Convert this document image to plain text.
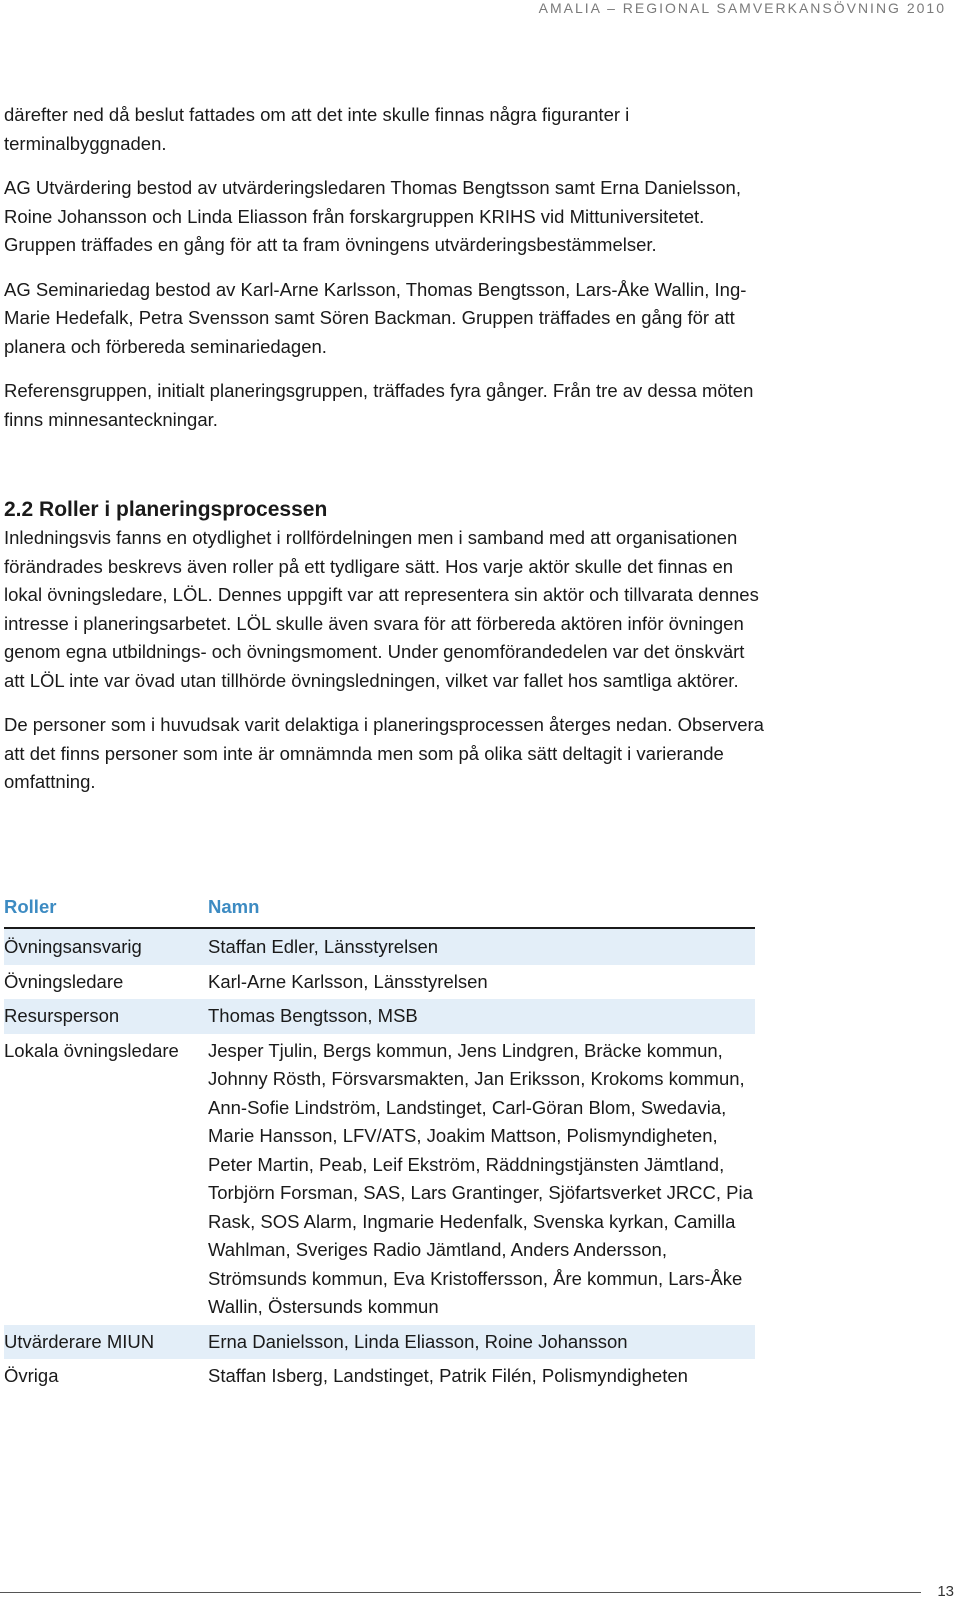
AMALIA – REGIONAL SAMVERKANSÖVNING 2010

därefter ned då beslut fattades om att det inte skulle finnas några figuranter i terminalbyggnaden.

AG Utvärdering bestod av utvärderingsledaren Thomas Bengtsson samt Erna Danielsson, Roine Johansson och Linda Eliasson från forskargruppen KRIHS vid Mittuniversitetet. Gruppen träffades en gång för att ta fram övningens utvärderingsbestämmelser.

AG Seminariedag bestod av Karl-Arne Karlsson, Thomas Bengtsson, Lars-Åke Wallin, Ing-Marie Hedefalk, Petra Svensson samt Sören Backman. Gruppen träffades en gång för att planera och förbereda seminariedagen.

Referensgruppen, initialt planeringsgruppen, träffades fyra gånger. Från tre av dessa möten finns minnesanteckningar.

2.2 Roller i planeringsprocessen

Inledningsvis fanns en otydlighet i rollfördelningen men i samband med att organisationen förändrades beskrevs även roller på ett tydligare sätt. Hos varje aktör skulle det finnas en lokal övningsledare, LÖL. Dennes uppgift var att representera sin aktör och tillvarata dennes intresse i planeringsarbetet. LÖL skulle även svara för att förbereda aktören inför övningen genom egna utbildnings- och övningsmoment. Under genomförandedelen var det önskvärt att LÖL inte var övad utan tillhörde övningsledningen, vilket var fallet hos samtliga aktörer.

De personer som i huvudsak varit delaktiga i planeringsprocessen återges nedan. Observera att det finns personer som inte är omnämnda men som på olika sätt deltagit i varierande omfattning.

Roller	Namn
Övningsansvarig	Staffan Edler, Länsstyrelsen
Övningsledare	Karl-Arne Karlsson, Länsstyrelsen
Resursperson	Thomas Bengtsson, MSB
Lokala övningsledare	Jesper Tjulin, Bergs kommun, Jens Lindgren, Bräcke kommun, Johnny Rösth, Försvarsmakten, Jan Eriksson, Krokoms kommun, Ann-Sofie Lindström, Landstinget, Carl-Göran Blom, Swedavia, Marie Hansson, LFV/ATS, Joakim Mattson, Polismyndigheten, Peter Martin, Peab, Leif Ekström, Räddningstjänsten Jämtland, Torbjörn Forsman, SAS, Lars Grantinger, Sjöfartsverket JRCC, Pia Rask, SOS Alarm, Ingmarie Hedenfalk, Svenska kyrkan, Camilla Wahlman, Sveriges Radio Jämtland, Anders Andersson, Strömsunds kommun, Eva Kristoffersson, Åre kommun, Lars-Åke Wallin, Östersunds kommun
Utvärderare MIUN	Erna Danielsson, Linda Eliasson, Roine Johansson
Övriga	Staffan Isberg, Landstinget, Patrik Filén, Polismyndigheten
13
